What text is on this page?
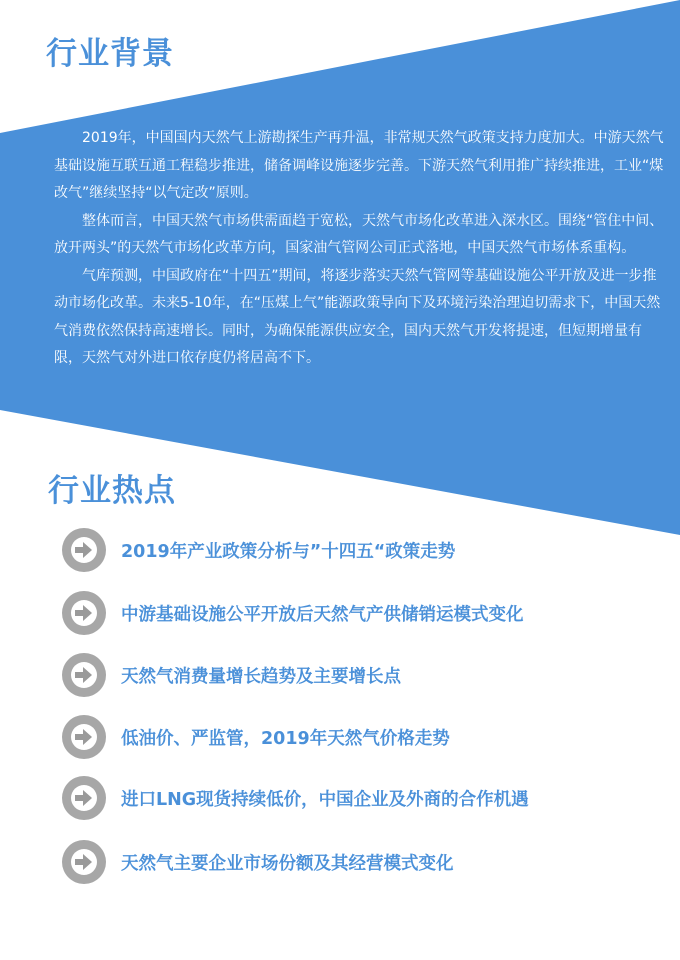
行业背景

2019年，中国国内天然气上游勘探生产再升温，非常规天然气政策支持力度加大。中游天然气基础设施互联互通工程稳步推进，储备调峰设施逐步完善。下游天然气利用推广持续推进，工业“煤改气”继续坚持“以气定改”原则。

整体而言，中国天然气市场供需面趋于宽松，天然气市场化改革进入深水区。围绕“管住中间、放开两头”的天然气市场化改革方向，国家油气管网公司正式落地，中国天然气市场体系重构。

气库预测，中国政府在“十四五”期间，将逐步落实天然气管网等基础设施公平开放及进一步推动市场化改革。未来5-10年，在“压煤上气”能源政策导向下及环境污染治理迫切需求下，中国天然气消费依然保持高速增长。同时，为确保能源供应安全，国内天然气开发将提速，但短期增量有限，天然气对外进口依存度仍将居高不下。

行业热点
2019年产业政策分析与”十四五“政策走势
中游基础设施公平开放后天然气产供储销运模式变化
天然气消费量增长趋势及主要增长点
低油价、严监管，2019年天然气价格走势
进口LNG现货持续低价，中国企业及外商的合作机遇
天然气主要企业市场份额及其经营模式变化
